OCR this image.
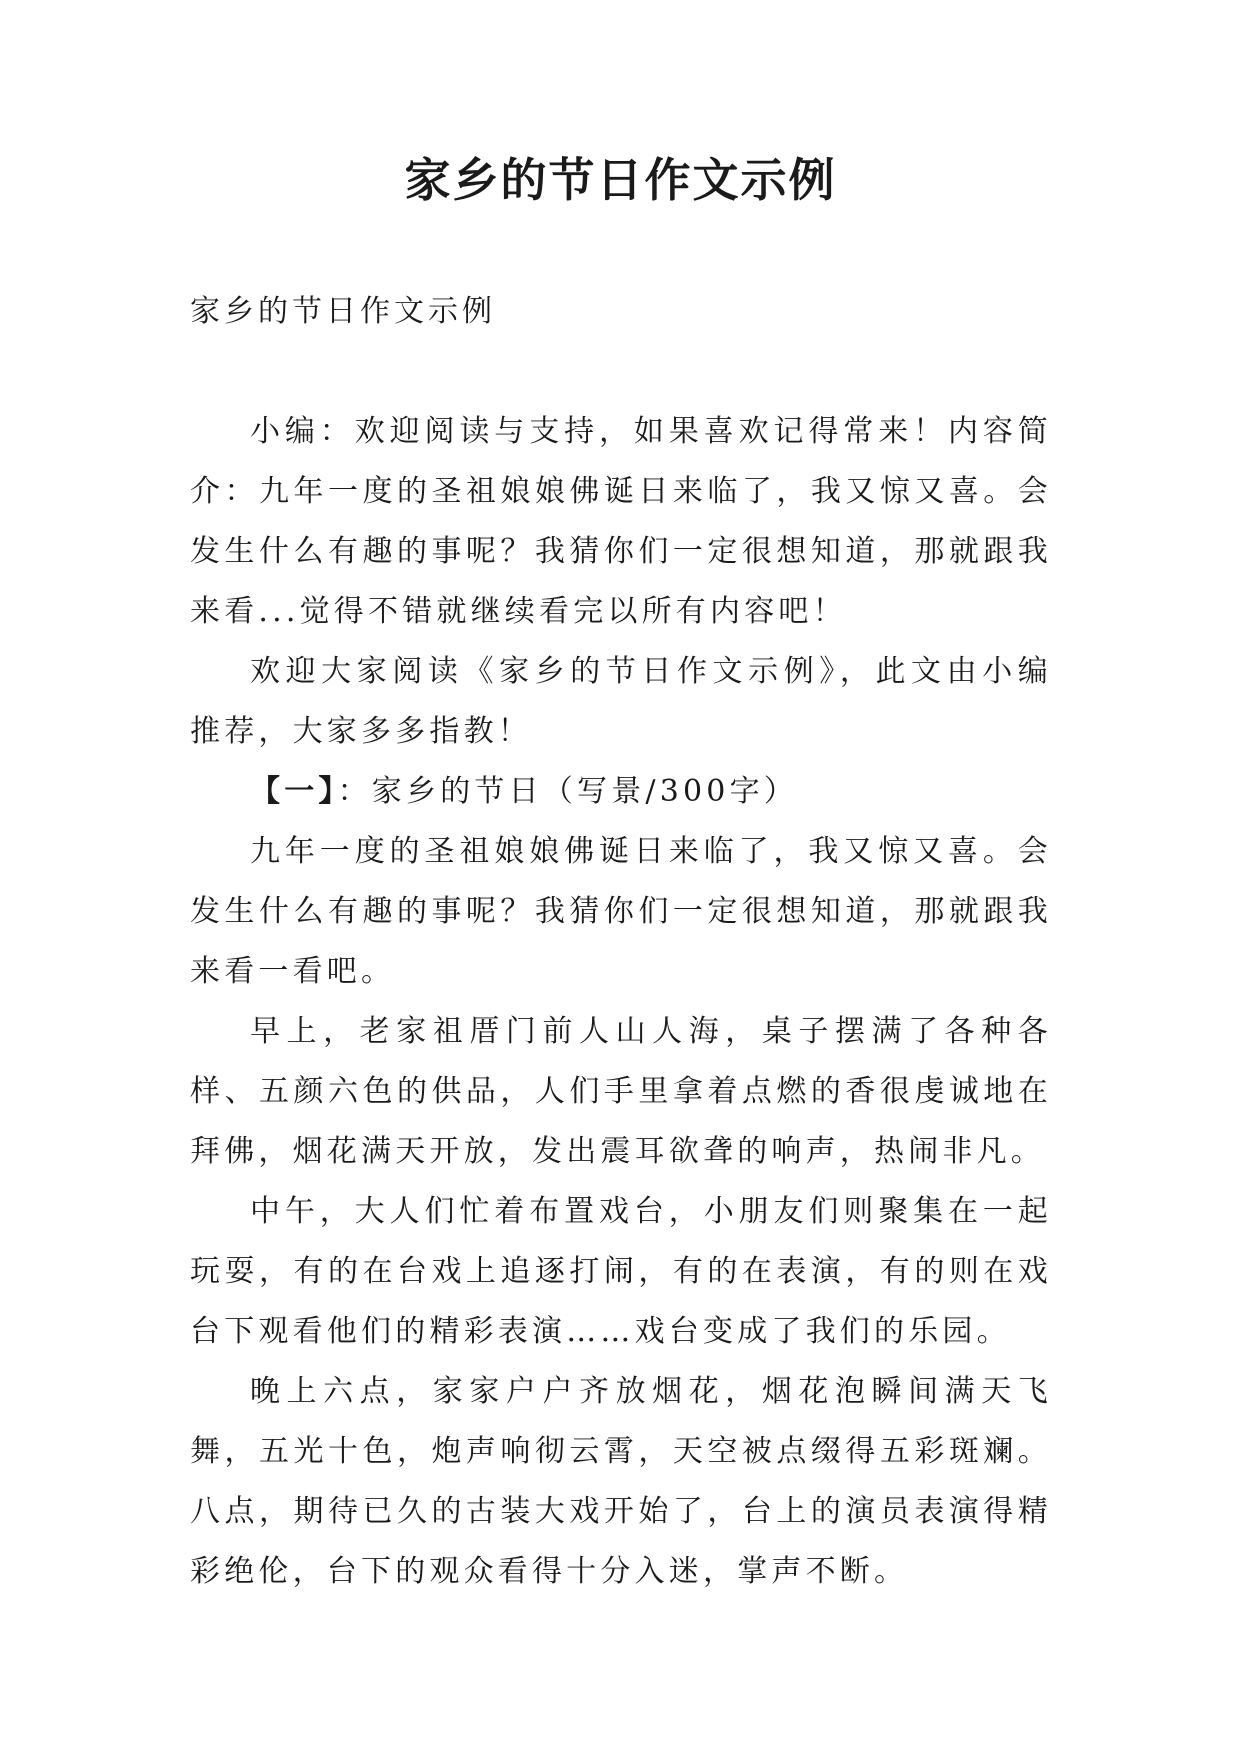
家乡的节日作文示例
家乡的节日作文示例

小编：欢迎阅读与支持，如果喜欢记得常来！内容简介：九年一度的圣祖娘娘佛诞日来临了，我又惊又喜。会发生什么有趣的事呢？我猜你们一定很想知道，那就跟我来看...觉得不错就继续看完以所有内容吧！

欢迎大家阅读《家乡的节日作文示例》，此文由小编推荐，大家多多指教！

【一】：家乡的节日（写景/300字）

九年一度的圣祖娘娘佛诞日来临了，我又惊又喜。会发生什么有趣的事呢？我猜你们一定很想知道，那就跟我来看一看吧。

早上，老家祖厝门前人山人海，桌子摆满了各种各样、五颜六色的供品，人们手里拿着点燃的香很虔诚地在拜佛，烟花满天开放，发出震耳欲聋的响声，热闹非凡。

中午，大人们忙着布置戏台，小朋友们则聚集在一起玩耍，有的在台戏上追逐打闹，有的在表演，有的则在戏台下观看他们的精彩表演……戏台变成了我们的乐园。

晚上六点，家家户户齐放烟花，烟花泡瞬间满天飞舞，五光十色，炮声响彻云霄，天空被点缀得五彩斑斓。八点，期待已久的古装大戏开始了，台上的演员表演得精彩绝伦，台下的观众看得十分入迷，掌声不断。
